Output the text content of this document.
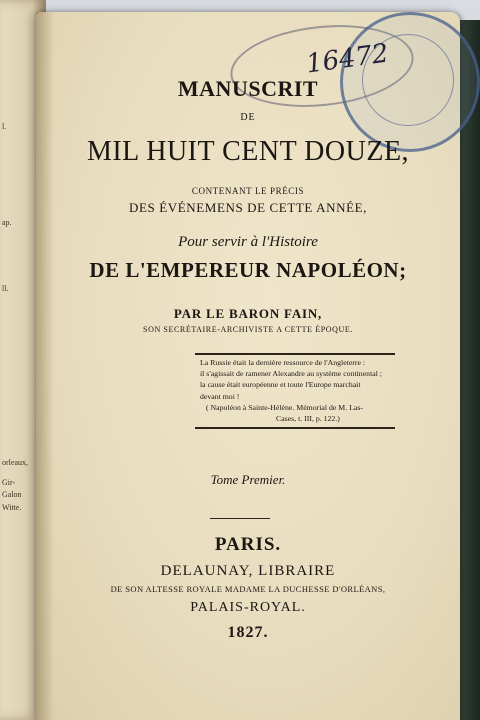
l.
ap.
ll.
orleaux,
Gir-
Galon
Witte.
16472
MANUSCRIT
DE
MIL HUIT CENT DOUZE,
CONTENANT LE PRÉCIS
DES ÉVÉNEMENS DE CETTE ANNÉE,
Pour servir à l'Histoire
DE L'EMPEREUR NAPOLÉON;
PAR LE BARON FAIN,
SON SECRÉTAIRE-ARCHIVISTE A CETTE ÉPOQUE.
La Russie était la dernière ressource de l'Angleterre :
il s'agissait de ramener Alexandre au système continental ;
la cause était européenne et toute l'Europe marchait
devant moi !
( Napoléon à Sainte-Hélène. Mémorial de M. Las-
Cases, t. III, p. 122.)
Tome Premier.
PARIS.
DELAUNAY, LIBRAIRE
DE SON ALTESSE ROYALE MADAME LA DUCHESSE D'ORLÉANS,
PALAIS-ROYAL.
1827.
